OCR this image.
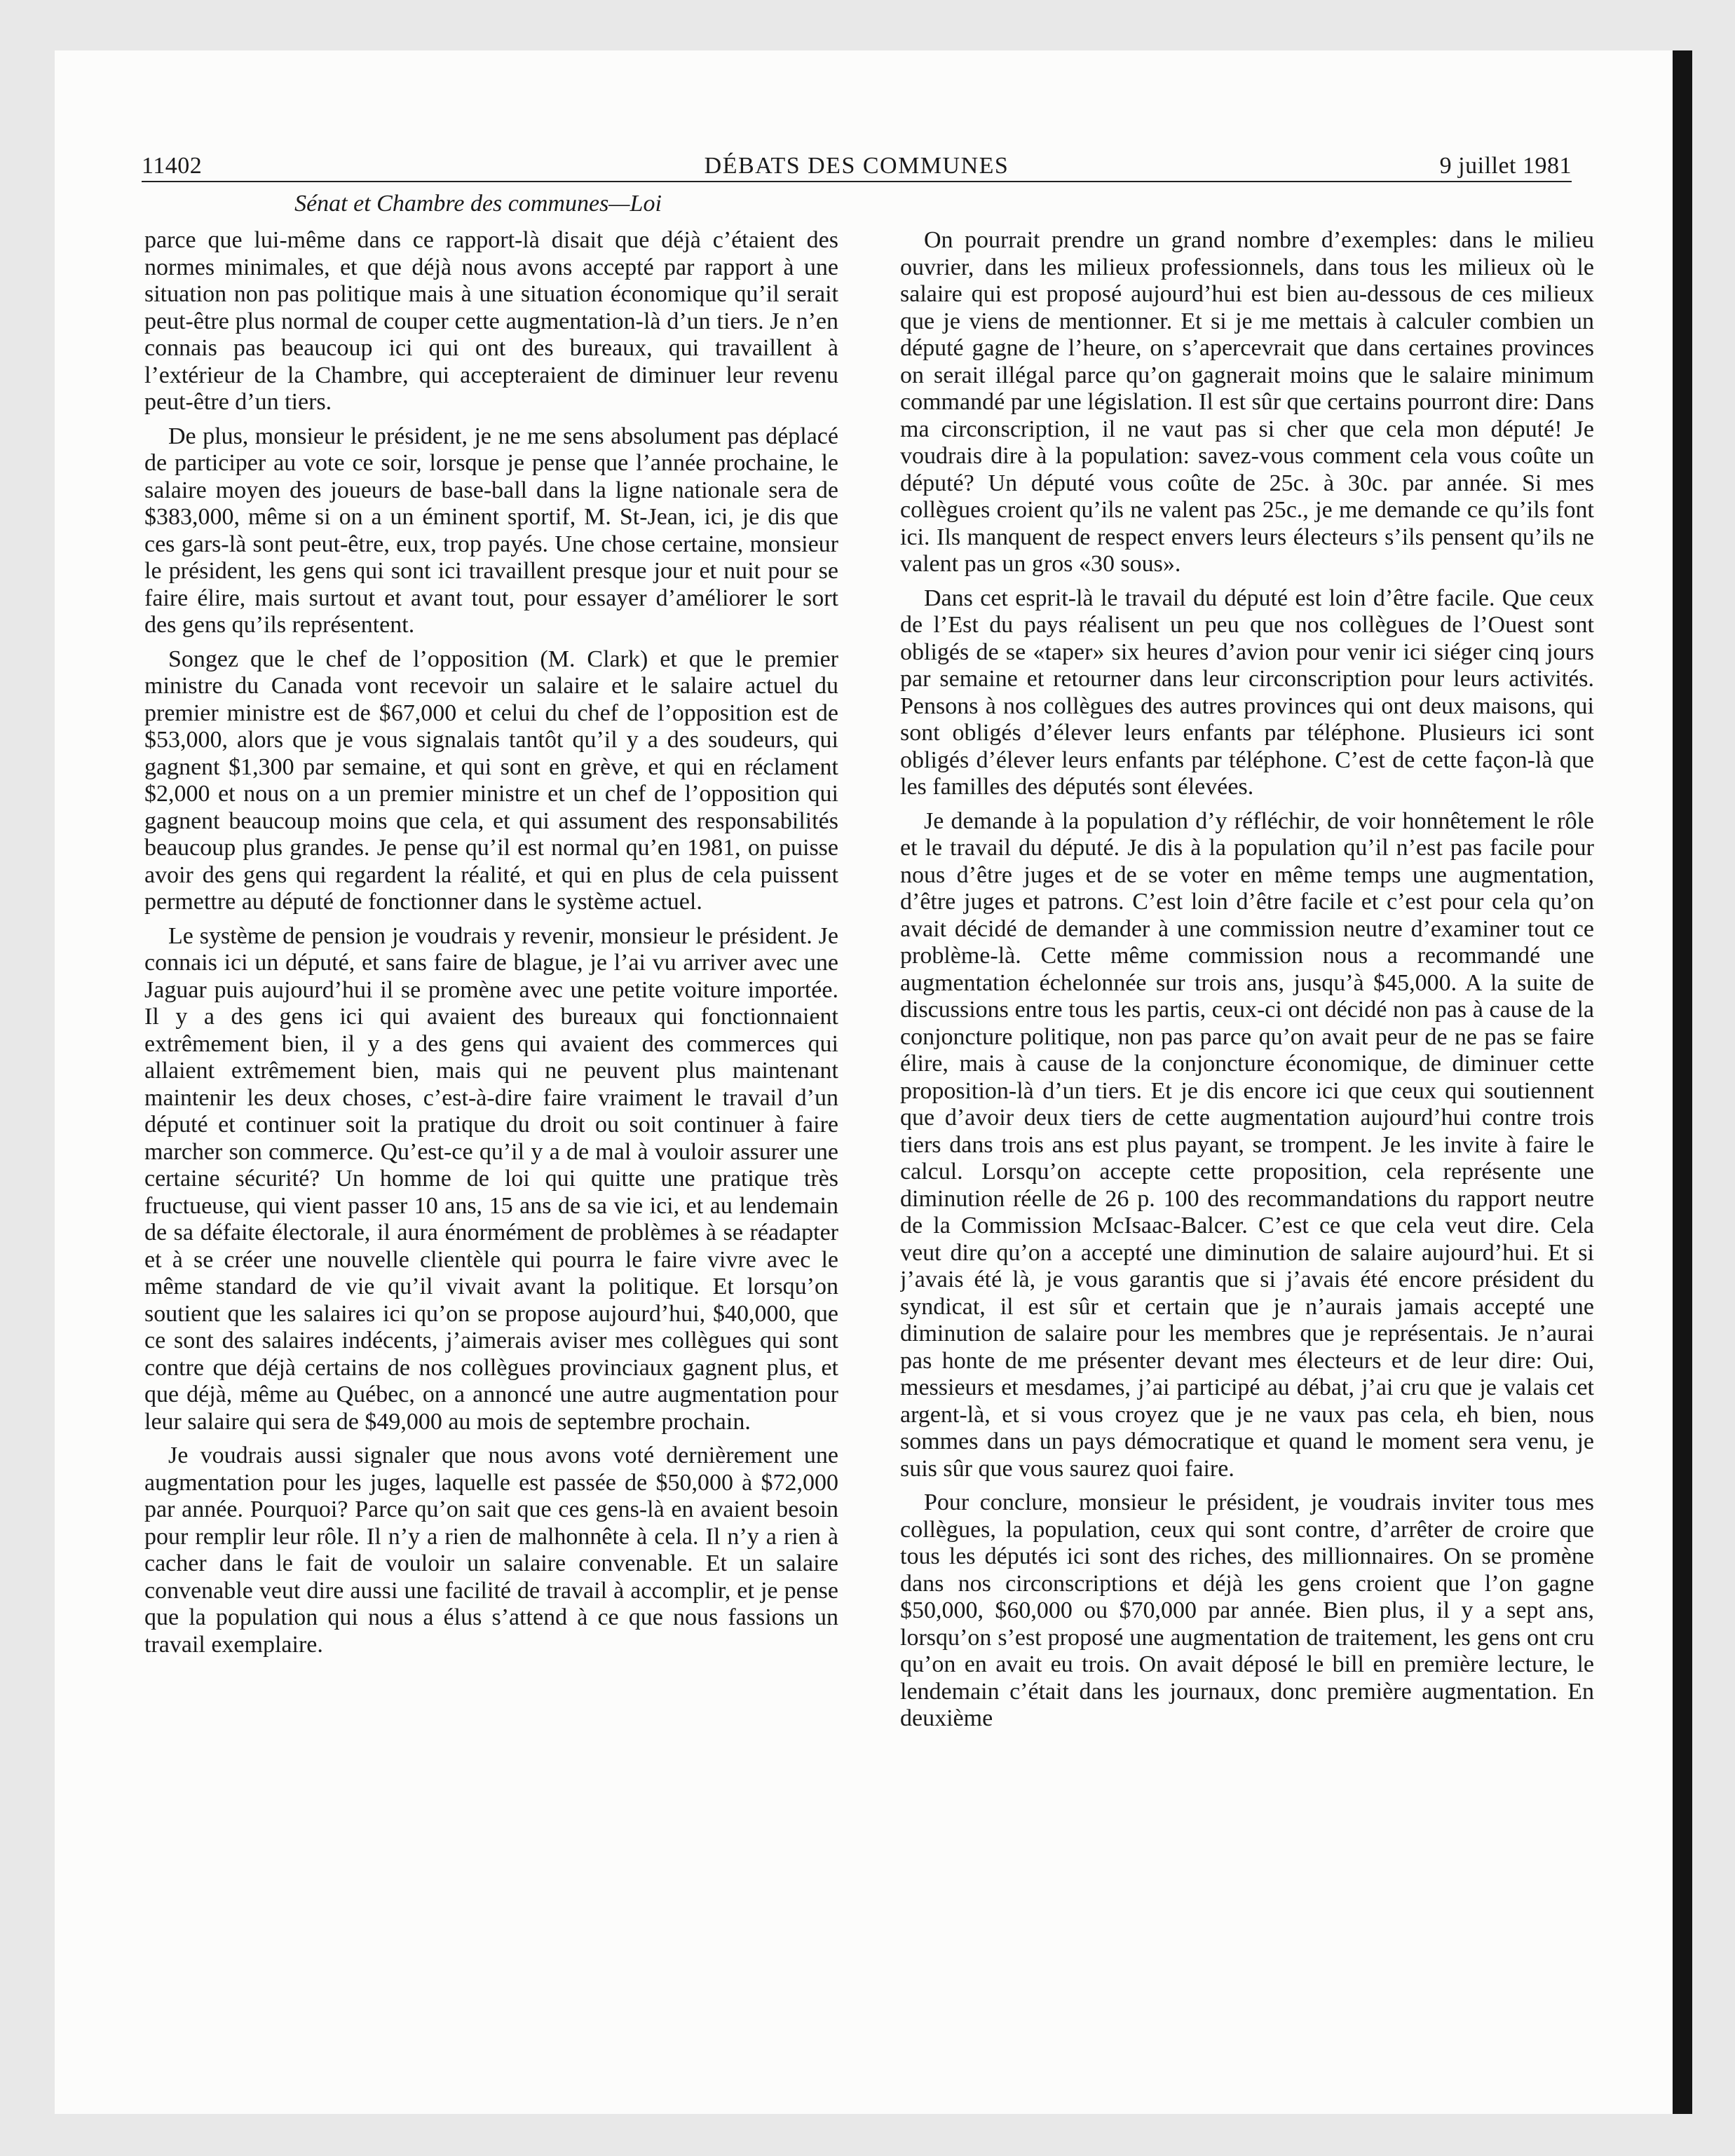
11402	DÉBATS DES COMMUNES	9 juillet 1981
Sénat et Chambre des communes—Loi

parce que lui-même dans ce rapport-là disait que déjà c’étaient des normes minimales, et que déjà nous avons accepté par rapport à une situation non pas politique mais à une situation économique qu’il serait peut-être plus normal de couper cette augmentation-là d’un tiers. Je n’en connais pas beaucoup ici qui ont des bureaux, qui travaillent à l’extérieur de la Chambre, qui accepteraient de diminuer leur revenu peut-être d’un tiers.

De plus, monsieur le président, je ne me sens absolument pas déplacé de participer au vote ce soir, lorsque je pense que l’année prochaine, le salaire moyen des joueurs de base-ball dans la ligne nationale sera de $383,000, même si on a un éminent sportif, M. St-Jean, ici, je dis que ces gars-là sont peut-être, eux, trop payés. Une chose certaine, monsieur le président, les gens qui sont ici travaillent presque jour et nuit pour se faire élire, mais surtout et avant tout, pour essayer d’améliorer le sort des gens qu’ils représentent.

Songez que le chef de l’opposition (M. Clark) et que le premier ministre du Canada vont recevoir un salaire et le salaire actuel du premier ministre est de $67,000 et celui du chef de l’opposition est de $53,000, alors que je vous signalais tantôt qu’il y a des soudeurs, qui gagnent $1,300 par semaine, et qui sont en grève, et qui en réclament $2,000 et nous on a un premier ministre et un chef de l’opposition qui gagnent beaucoup moins que cela, et qui assument des responsabilités beaucoup plus grandes. Je pense qu’il est normal qu’en 1981, on puisse avoir des gens qui regardent la réalité, et qui en plus de cela puissent permettre au député de fonctionner dans le système actuel.

Le système de pension je voudrais y revenir, monsieur le président. Je connais ici un député, et sans faire de blague, je l’ai vu arriver avec une Jaguar puis aujourd’hui il se promène avec une petite voiture importée. Il y a des gens ici qui avaient des bureaux qui fonctionnaient extrêmement bien, il y a des gens qui avaient des commerces qui allaient extrêmement bien, mais qui ne peuvent plus maintenant maintenir les deux choses, c’est-à-dire faire vraiment le travail d’un député et continuer soit la pratique du droit ou soit continuer à faire marcher son commerce. Qu’est-ce qu’il y a de mal à vouloir assurer une certaine sécurité? Un homme de loi qui quitte une pratique très fructueuse, qui vient passer 10 ans, 15 ans de sa vie ici, et au lendemain de sa défaite électorale, il aura énormément de problèmes à se réadapter et à se créer une nouvelle clientèle qui pourra le faire vivre avec le même standard de vie qu’il vivait avant la politique. Et lorsqu’on soutient que les salaires ici qu’on se propose aujourd’hui, $40,000, que ce sont des salaires indécents, j’aimerais aviser mes collègues qui sont contre que déjà certains de nos collègues provinciaux gagnent plus, et que déjà, même au Québec, on a annoncé une autre augmentation pour leur salaire qui sera de $49,000 au mois de septembre prochain.

Je voudrais aussi signaler que nous avons voté dernièrement une augmentation pour les juges, laquelle est passée de $50,000 à $72,000 par année. Pourquoi? Parce qu’on sait que ces gens-là en avaient besoin pour remplir leur rôle. Il n’y a rien de malhonnête à cela. Il n’y a rien à cacher dans le fait de vouloir un salaire convenable. Et un salaire convenable veut dire aussi une facilité de travail à accomplir, et je pense que la population qui nous a élus s’attend à ce que nous fassions un travail exemplaire.

On pourrait prendre un grand nombre d’exemples: dans le milieu ouvrier, dans les milieux professionnels, dans tous les milieux où le salaire qui est proposé aujourd’hui est bien au-dessous de ces milieux que je viens de mentionner. Et si je me mettais à calculer combien un député gagne de l’heure, on s’apercevrait que dans certaines provinces on serait illégal parce qu’on gagnerait moins que le salaire minimum commandé par une législation. Il est sûr que certains pourront dire: Dans ma circonscription, il ne vaut pas si cher que cela mon député! Je voudrais dire à la population: savez-vous comment cela vous coûte un député? Un député vous coûte de 25c. à 30c. par année. Si mes collègues croient qu’ils ne valent pas 25c., je me demande ce qu’ils font ici. Ils manquent de respect envers leurs électeurs s’ils pensent qu’ils ne valent pas un gros «30 sous».

Dans cet esprit-là le travail du député est loin d’être facile. Que ceux de l’Est du pays réalisent un peu que nos collègues de l’Ouest sont obligés de se «taper» six heures d’avion pour venir ici siéger cinq jours par semaine et retourner dans leur circonscription pour leurs activités. Pensons à nos collègues des autres provinces qui ont deux maisons, qui sont obligés d’élever leurs enfants par téléphone. Plusieurs ici sont obligés d’élever leurs enfants par téléphone. C’est de cette façon-là que les familles des députés sont élevées.

Je demande à la population d’y réfléchir, de voir honnêtement le rôle et le travail du député. Je dis à la population qu’il n’est pas facile pour nous d’être juges et de se voter en même temps une augmentation, d’être juges et patrons. C’est loin d’être facile et c’est pour cela qu’on avait décidé de demander à une commission neutre d’examiner tout ce problème-là. Cette même commission nous a recommandé une augmentation échelonnée sur trois ans, jusqu’à $45,000. A la suite de discussions entre tous les partis, ceux-ci ont décidé non pas à cause de la conjoncture politique, non pas parce qu’on avait peur de ne pas se faire élire, mais à cause de la conjoncture économique, de diminuer cette proposition-là d’un tiers. Et je dis encore ici que ceux qui soutiennent que d’avoir deux tiers de cette augmentation aujourd’hui contre trois tiers dans trois ans est plus payant, se trompent. Je les invite à faire le calcul. Lorsqu’on accepte cette proposition, cela représente une diminution réelle de 26 p. 100 des recommandations du rapport neutre de la Commission McIsaac-Balcer. C’est ce que cela veut dire. Cela veut dire qu’on a accepté une diminution de salaire aujourd’hui. Et si j’avais été là, je vous garantis que si j’avais été encore président du syndicat, il est sûr et certain que je n’aurais jamais accepté une diminution de salaire pour les membres que je représentais. Je n’aurai pas honte de me présenter devant mes électeurs et de leur dire: Oui, messieurs et mesdames, j’ai participé au débat, j’ai cru que je valais cet argent-là, et si vous croyez que je ne vaux pas cela, eh bien, nous sommes dans un pays démocratique et quand le moment sera venu, je suis sûr que vous saurez quoi faire.

Pour conclure, monsieur le président, je voudrais inviter tous mes collègues, la population, ceux qui sont contre, d’arrêter de croire que tous les députés ici sont des riches, des millionnaires. On se promène dans nos circonscriptions et déjà les gens croient que l’on gagne $50,000, $60,000 ou $70,000 par année. Bien plus, il y a sept ans, lorsqu’on s’est proposé une augmentation de traitement, les gens ont cru qu’on en avait eu trois. On avait déposé le bill en première lecture, le lendemain c’était dans les journaux, donc première augmentation. En deuxième
